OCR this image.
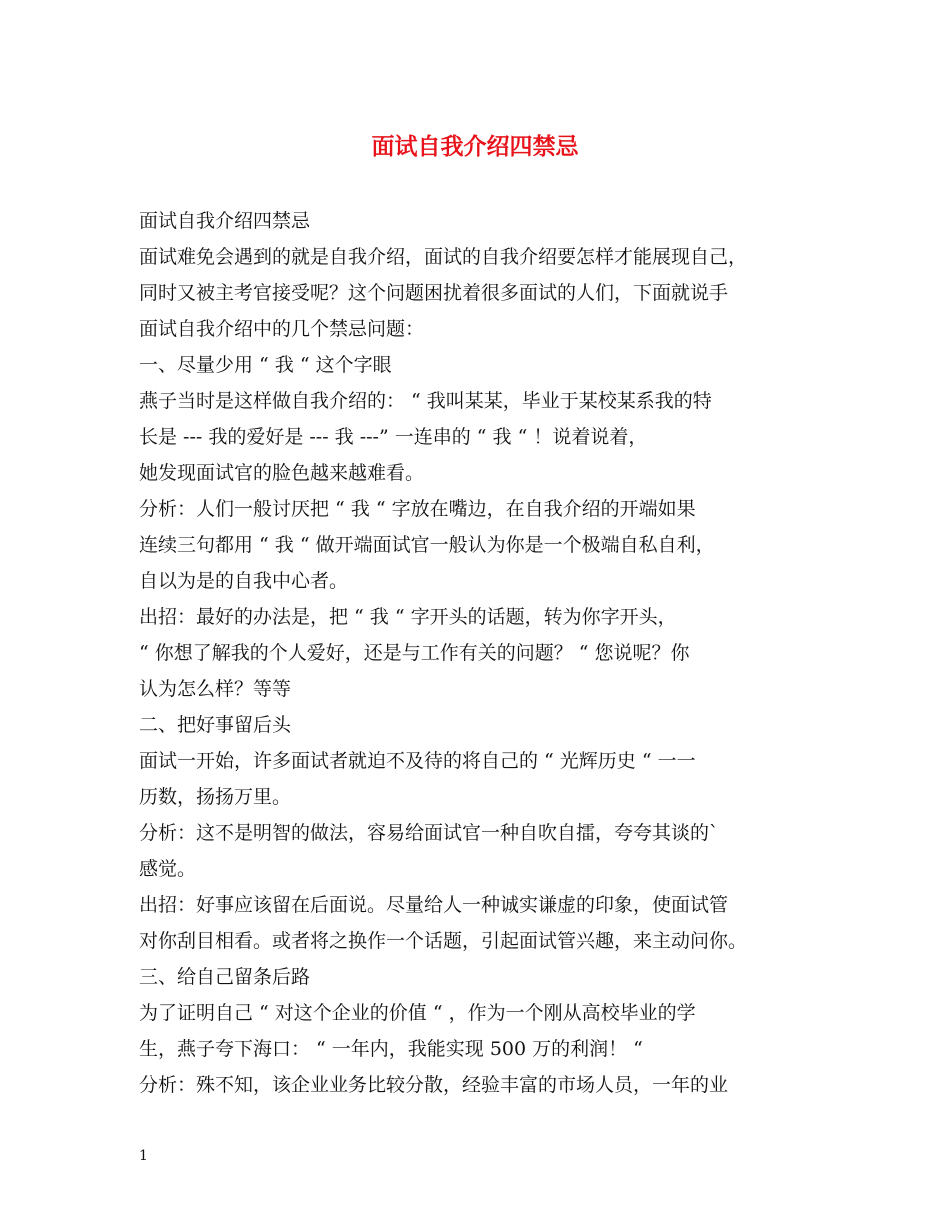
面试自我介绍四禁忌
面试自我介绍四禁忌
面试难免会遇到的就是自我介绍，面试的自我介绍要怎样才能展现自己，
同时又被主考官接受呢？这个问题困扰着很多面试的人们，下面就说手
面试自我介绍中的几个禁忌问题：
一、尽量少用 “ 我 “ 这个字眼
燕子当时是这样做自我介绍的： “ 我叫某某，毕业于某校某系我的特
长是 --- 我的爱好是 --- 我 ---” 一连串的 “ 我 “ ！说着说着，
她发现面试官的脸色越来越难看。
分析：人们一般讨厌把 “ 我 “ 字放在嘴边，在自我介绍的开端如果
连续三句都用 “ 我 “ 做开端面试官一般认为你是一个极端自私自利，
自以为是的自我中心者。
出招：最好的办法是，把 “ 我 “ 字开头的话题，转为你字开头，
“ 你想了解我的个人爱好，还是与工作有关的问题？ “ 您说呢？你
认为怎么样？等等
二、把好事留后头
面试一开始，许多面试者就迫不及待的将自己的 “ 光辉历史 “ 一一
历数，扬扬万里。
分析：这不是明智的做法，容易给面试官一种自吹自擂，夸夸其谈的`
感觉。
出招：好事应该留在后面说。尽量给人一种诚实谦虚的印象，使面试管
对你刮目相看。或者将之换作一个话题，引起面试管兴趣，来主动问你。
三、给自己留条后路
为了证明自己 “ 对这个企业的价值 “ ，作为一个刚从高校毕业的学
生，燕子夸下海口： “ 一年内，我能实现 500 万的利润！ “
分析：殊不知，该企业业务比较分散，经验丰富的市场人员，一年的业
1
